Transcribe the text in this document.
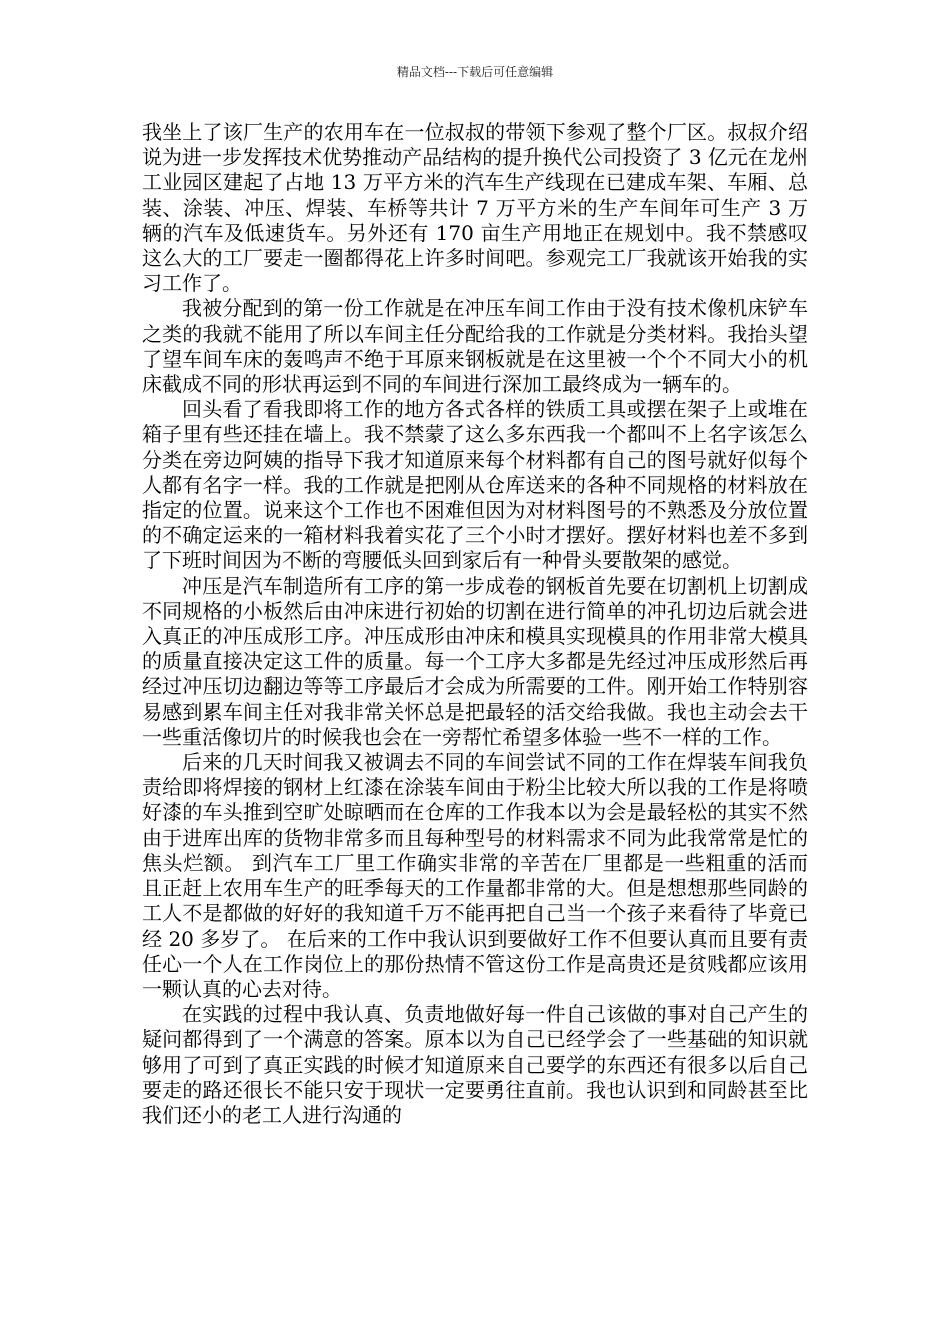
精品文档---下载后可任意编辑

我坐上了该厂生产的农用车在一位叔叔的带领下参观了整个厂区。叔叔介绍说为进一步发挥技术优势推动产品结构的提升换代公司投资了 3 亿元在龙州工业园区建起了占地 13 万平方米的汽车生产线现在已建成车架、车厢、总装、涂装、冲压、焊装、车桥等共计 7 万平方米的生产车间年可生产 3 万辆的汽车及低速货车。另外还有 170 亩生产用地正在规划中。我不禁感叹这么大的工厂要走一圈都得花上许多时间吧。参观完工厂我就该开始我的实习工作了。

我被分配到的第一份工作就是在冲压车间工作由于没有技术像机床铲车之类的我就不能用了所以车间主任分配给我的工作就是分类材料。我抬头望了望车间车床的轰鸣声不绝于耳原来钢板就是在这里被一个个不同大小的机床截成不同的形状再运到不同的车间进行深加工最终成为一辆车的。

回头看了看我即将工作的地方各式各样的铁质工具或摆在架子上或堆在箱子里有些还挂在墙上。我不禁蒙了这么多东西我一个都叫不上名字该怎么分类在旁边阿姨的指导下我才知道原来每个材料都有自己的图号就好似每个人都有名字一样。我的工作就是把刚从仓库送来的各种不同规格的材料放在指定的位置。说来这个工作也不困难但因为对材料图号的不熟悉及分放位置的不确定运来的一箱材料我着实花了三个小时才摆好。摆好材料也差不多到了下班时间因为不断的弯腰低头回到家后有一种骨头要散架的感觉。

冲压是汽车制造所有工序的第一步成卷的钢板首先要在切割机上切割成不同规格的小板然后由冲床进行初始的切割在进行简单的冲孔切边后就会进入真正的冲压成形工序。冲压成形由冲床和模具实现模具的作用非常大模具的质量直接决定这工件的质量。每一个工序大多都是先经过冲压成形然后再经过冲压切边翻边等等工序最后才会成为所需要的工件。刚开始工作特别容易感到累车间主任对我非常关怀总是把最轻的活交给我做。我也主动会去干一些重活像切片的时候我也会在一旁帮忙希望多体验一些不一样的工作。

后来的几天时间我又被调去不同的车间尝试不同的工作在焊装车间我负责给即将焊接的钢材上红漆在涂装车间由于粉尘比较大所以我的工作是将喷好漆的车头推到空旷处晾晒而在仓库的工作我本以为会是最轻松的其实不然由于进库出库的货物非常多而且每种型号的材料需求不同为此我常常是忙的焦头烂额。 到汽车工厂里工作确实非常的辛苦在厂里都是一些粗重的活而且正赶上农用车生产的旺季每天的工作量都非常的大。但是想想那些同龄的工人不是都做的好好的我知道千万不能再把自己当一个孩子来看待了毕竟已经 20 多岁了。 在后来的工作中我认识到要做好工作不但要认真而且要有责任心一个人在工作岗位上的那份热情不管这份工作是高贵还是贫贱都应该用一颗认真的心去对待。

在实践的过程中我认真、负责地做好每一件自己该做的事对自己产生的疑问都得到了一个满意的答案。原本以为自己已经学会了一些基础的知识就够用了可到了真正实践的时候才知道原来自己要学的东西还有很多以后自己要走的路还很长不能只安于现状一定要勇往直前。我也认识到和同龄甚至比我们还小的老工人进行沟通的
